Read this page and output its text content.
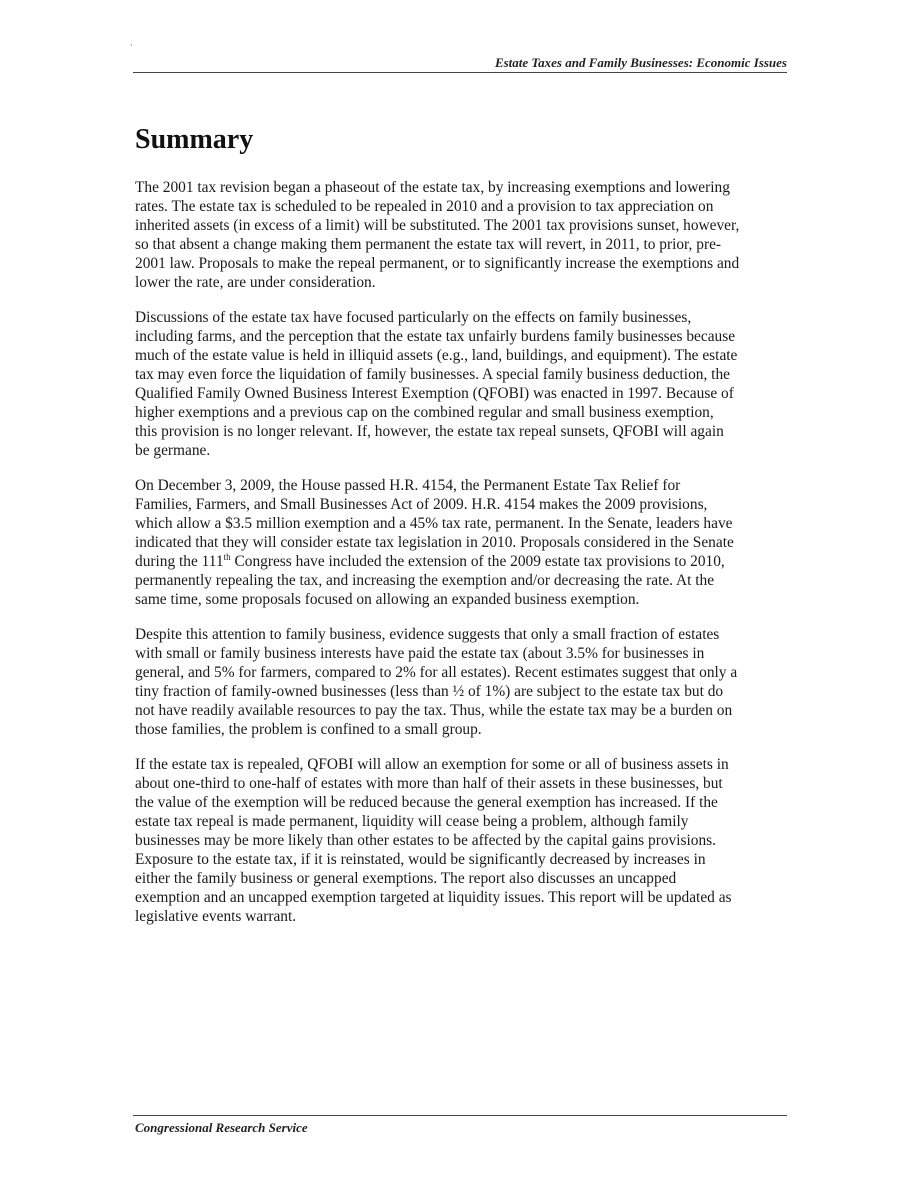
·
Estate Taxes and Family Businesses: Economic Issues
Summary

The 2001 tax revision began a phaseout of the estate tax, by increasing exemptions and lowering
rates. The estate tax is scheduled to be repealed in 2010 and a provision to tax appreciation on
inherited assets (in excess of a limit) will be substituted. The 2001 tax provisions sunset, however,
so that absent a change making them permanent the estate tax will revert, in 2011, to prior, pre-
2001 law. Proposals to make the repeal permanent, or to significantly increase the exemptions and
lower the rate, are under consideration.

Discussions of the estate tax have focused particularly on the effects on family businesses,
including farms, and the perception that the estate tax unfairly burdens family businesses because
much of the estate value is held in illiquid assets (e.g., land, buildings, and equipment). The estate
tax may even force the liquidation of family businesses. A special family business deduction, the
Qualified Family Owned Business Interest Exemption (QFOBI) was enacted in 1997. Because of
higher exemptions and a previous cap on the combined regular and small business exemption,
this provision is no longer relevant. If, however, the estate tax repeal sunsets, QFOBI will again
be germane.

On December 3, 2009, the House passed H.R. 4154, the Permanent Estate Tax Relief for
Families, Farmers, and Small Businesses Act of 2009. H.R. 4154 makes the 2009 provisions,
which allow a $3.5 million exemption and a 45% tax rate, permanent. In the Senate, leaders have
indicated that they will consider estate tax legislation in 2010. Proposals considered in the Senate
during the 111th Congress have included the extension of the 2009 estate tax provisions to 2010,
permanently repealing the tax, and increasing the exemption and/or decreasing the rate. At the
same time, some proposals focused on allowing an expanded business exemption.

Despite this attention to family business, evidence suggests that only a small fraction of estates
with small or family business interests have paid the estate tax (about 3.5% for businesses in
general, and 5% for farmers, compared to 2% for all estates). Recent estimates suggest that only a
tiny fraction of family-owned businesses (less than ½ of 1%) are subject to the estate tax but do
not have readily available resources to pay the tax. Thus, while the estate tax may be a burden on
those families, the problem is confined to a small group.

If the estate tax is repealed, QFOBI will allow an exemption for some or all of business assets in
about one-third to one-half of estates with more than half of their assets in these businesses, but
the value of the exemption will be reduced because the general exemption has increased. If the
estate tax repeal is made permanent, liquidity will cease being a problem, although family
businesses may be more likely than other estates to be affected by the capital gains provisions.
Exposure to the estate tax, if it is reinstated, would be significantly decreased by increases in
either the family business or general exemptions. The report also discusses an uncapped
exemption and an uncapped exemption targeted at liquidity issues. This report will be updated as
legislative events warrant.

Congressional Research Service
